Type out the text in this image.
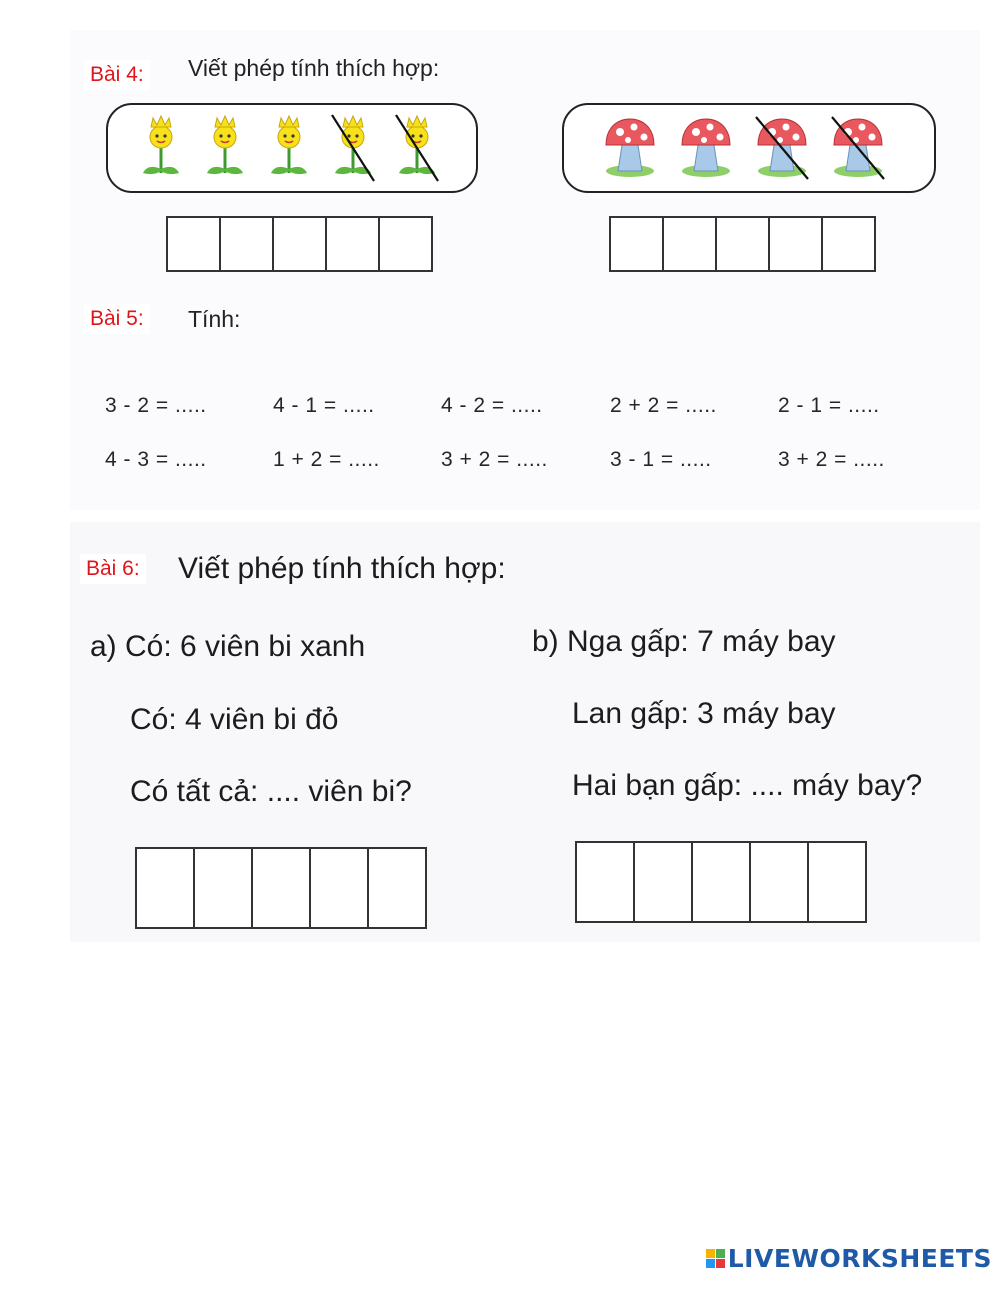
Bài 4: Viết phép tính thích hợp:
Bài 5: Tính:
3 - 2 = .....	4 - 1 = .....	4 - 2 = .....	2 + 2 = .....	2 - 1 = .....
4 - 3 = .....	1 + 2 = .....	3 + 2 = .....	3 - 1 = .....	3 + 2 = .....
Bài 6: Viết phép tính thích hợp:
a) Có: 6 viên bi xanh
Có: 4 viên bi đỏ
Có tất cả: .... viên bi?
b) Nga gấp: 7 máy bay
Lan gấp: 3 máy bay
Hai bạn gấp: .... máy bay?
LIVEWORKSHEETS
